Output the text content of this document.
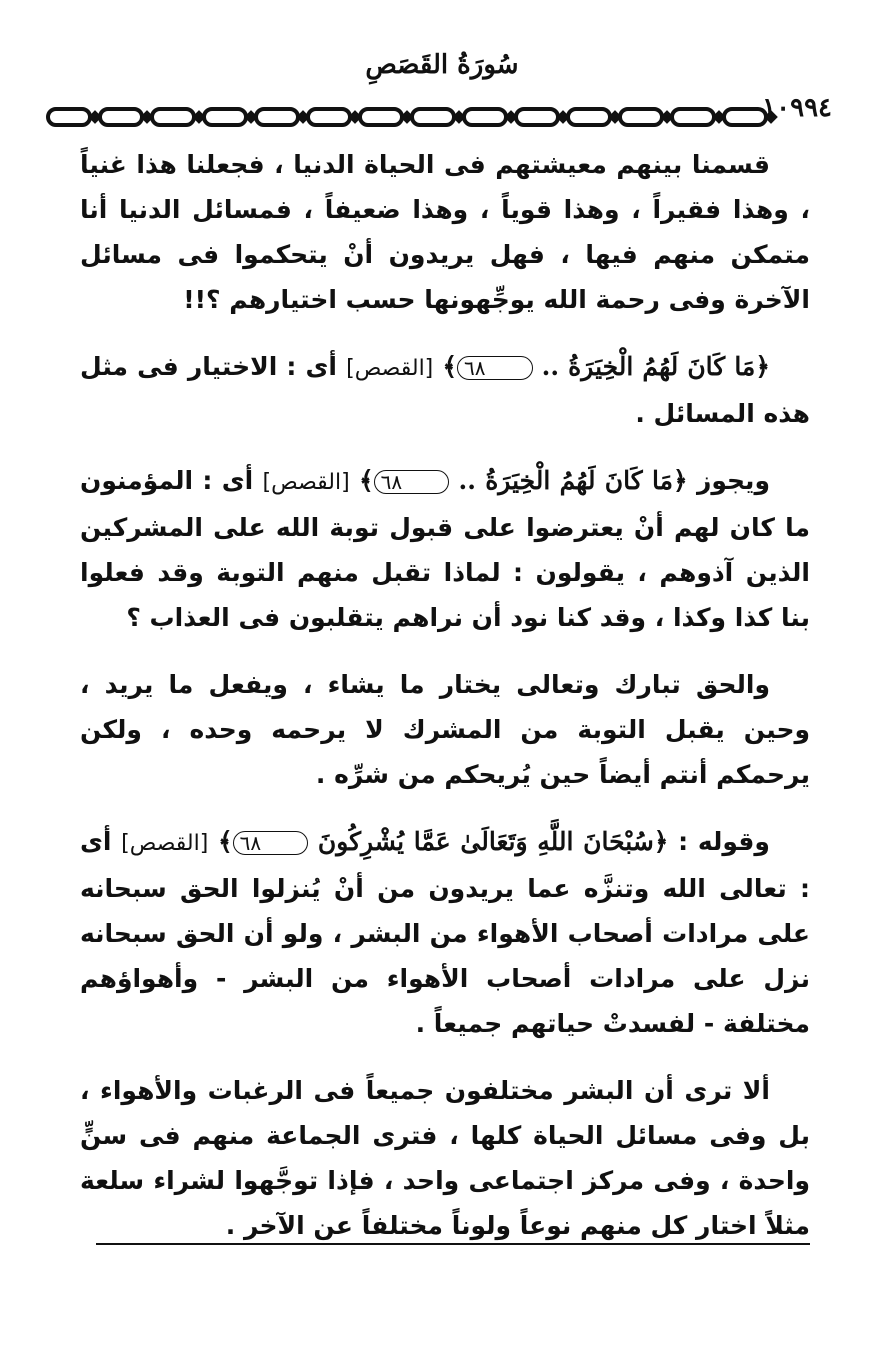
سُورَةُ القَصَصِ
١٠٩٩٤

قسمنا بينهم معيشتهم فى الحياة الدنيا ، فجعلنا هذا غنياً ، وهذا فقيراً ، وهذا قوياً ، وهذا ضعيفاً ، فمسائل الدنيا أنا متمكن منهم فيها ، فهل يريدون أنْ يتحكموا فى مسائل الآخرة وفى رحمة الله يوجِّهونها حسب اختيارهم ؟!!

﴿مَا كَانَ لَهُمُ الْخِيَرَةُ .. ٦٨﴾ [القصص] أى : الاختيار فى مثل هذه المسائل .

ويجوز ﴿مَا كَانَ لَهُمُ الْخِيَرَةُ .. ٦٨﴾ [القصص] أى : المؤمنون ما كان لهم أنْ يعترضوا على قبول توبة الله على المشركين الذين آذوهم ، يقولون : لماذا تقبل منهم التوبة وقد فعلوا بنا كذا وكذا ، وقد كنا نود أن نراهم يتقلبون فى العذاب ؟

والحق تبارك وتعالى يختار ما يشاء ، ويفعل ما يريد ، وحين يقبل التوبة من المشرك لا يرحمه وحده ، ولكن يرحمكم أنتم أيضاً حين يُريحكم من شرِّه .

وقوله : ﴿سُبْحَانَ اللَّهِ وَتَعَالَىٰ عَمَّا يُشْرِكُونَ ٦٨﴾ [القصص] أى : تعالى الله وتنزَّه عما يريدون من أنْ يُنزلوا الحق سبحانه على مرادات أصحاب الأهواء من البشر ، ولو أن الحق سبحانه نزل على مرادات أصحاب الأهواء من البشر - وأهواؤهم مختلفة - لفسدتْ حياتهم جميعاً .

ألا ترى أن البشر مختلفون جميعاً فى الرغبات والأهواء ، بل وفى مسائل الحياة كلها ، فترى الجماعة منهم فى سنٍّ واحدة ، وفى مركز اجتماعى واحد ، فإذا توجَّهوا لشراء سلعة مثلاً اختار كل منهم نوعاً ولوناً مختلفاً عن الآخر .
